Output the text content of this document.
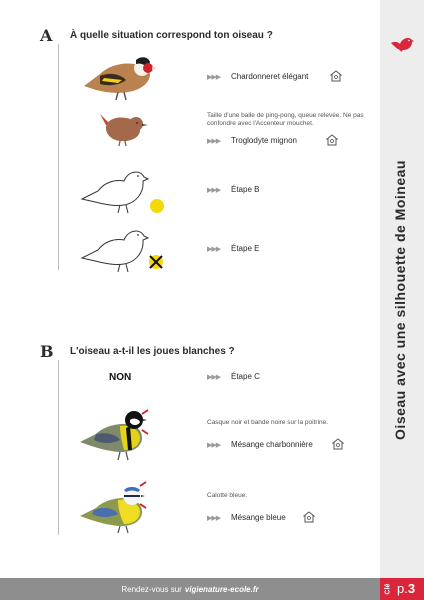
Oiseau avec une silhouette de Moineau
A À quelle situation correspond ton oiseau ?
▶▶▶ Chardonneret élégant
Taille d'une balle de ping-pong, queue relevée. Ne pas confondre avec l'Accenteur mouchet.
▶▶▶ Troglodyte mignon
▶▶▶ Étape B
▶▶▶ Étape E
B L'oiseau a-t-il les joues blanches ?
NON	▶▶▶ Étape C
Casque noir et bande noire sur la poitrine.
▶▶▶ Mésange charbonnière
Calotte bleue.
▶▶▶ Mésange bleue
Rendez-vous sur vigienature-ecole.fr	Clé p.3
